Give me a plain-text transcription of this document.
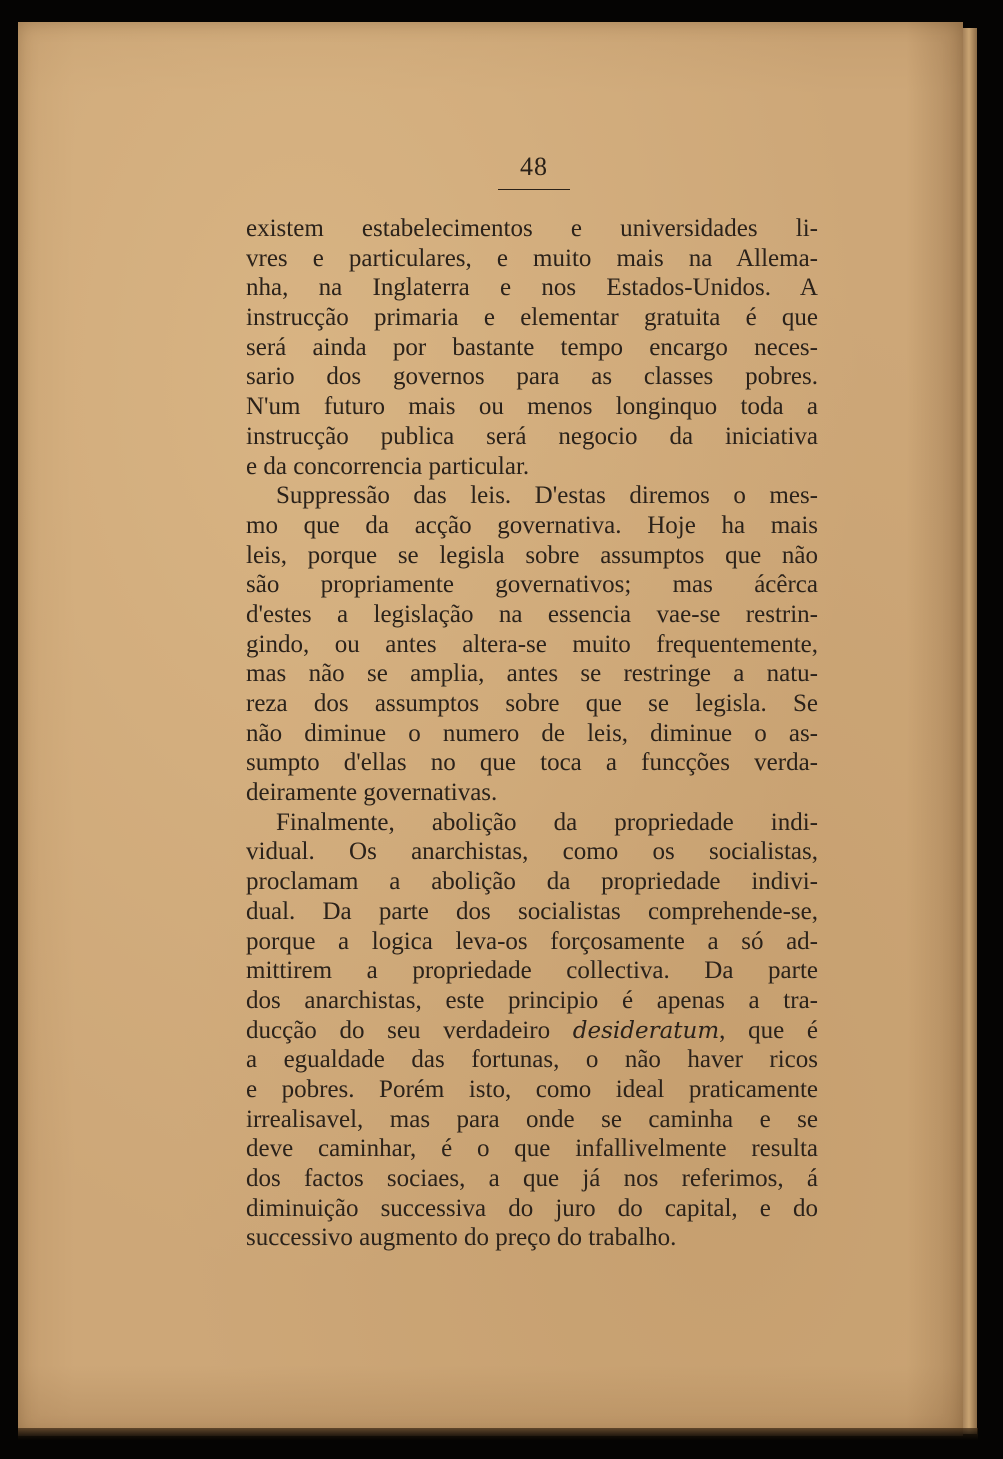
48
existem estabelecimentos e universidades li-
vres e particulares, e muito mais na Allema-
nha, na Inglaterra e nos Estados-Unidos. A
instrucção primaria e elementar gratuita é que
será ainda por bastante tempo encargo neces-
sario dos governos para as classes pobres.
N'um futuro mais ou menos longinquo toda a
instrucção publica será negocio da iniciativa
e da concorrencia particular.
Suppressão das leis. D'estas diremos o mes-
mo que da acção governativa. Hoje ha mais
leis, porque se legisla sobre assumptos que não
são propriamente governativos; mas ácêrca
d'estes a legislação na essencia vae-se restrin-
gindo, ou antes altera-se muito frequentemente,
mas não se amplia, antes se restringe a natu-
reza dos assumptos sobre que se legisla. Se
não diminue o numero de leis, diminue o as-
sumpto d'ellas no que toca a funcções verda-
deiramente governativas.
Finalmente, abolição da propriedade indi-
vidual. Os anarchistas, como os socialistas,
proclamam a abolição da propriedade indivi-
dual. Da parte dos socialistas comprehende-se,
porque a logica leva-os forçosamente a só ad-
mittirem a propriedade collectiva. Da parte
dos anarchistas, este principio é apenas a tra-
ducção do seu verdadeiro desideratum, que é
a egualdade das fortunas, o não haver ricos
e pobres. Porém isto, como ideal praticamente
irrealisavel, mas para onde se caminha e se
deve caminhar, é o que infallivelmente resulta
dos factos sociaes, a que já nos referimos, á
diminuição successiva do juro do capital, e do
successivo augmento do preço do trabalho.
